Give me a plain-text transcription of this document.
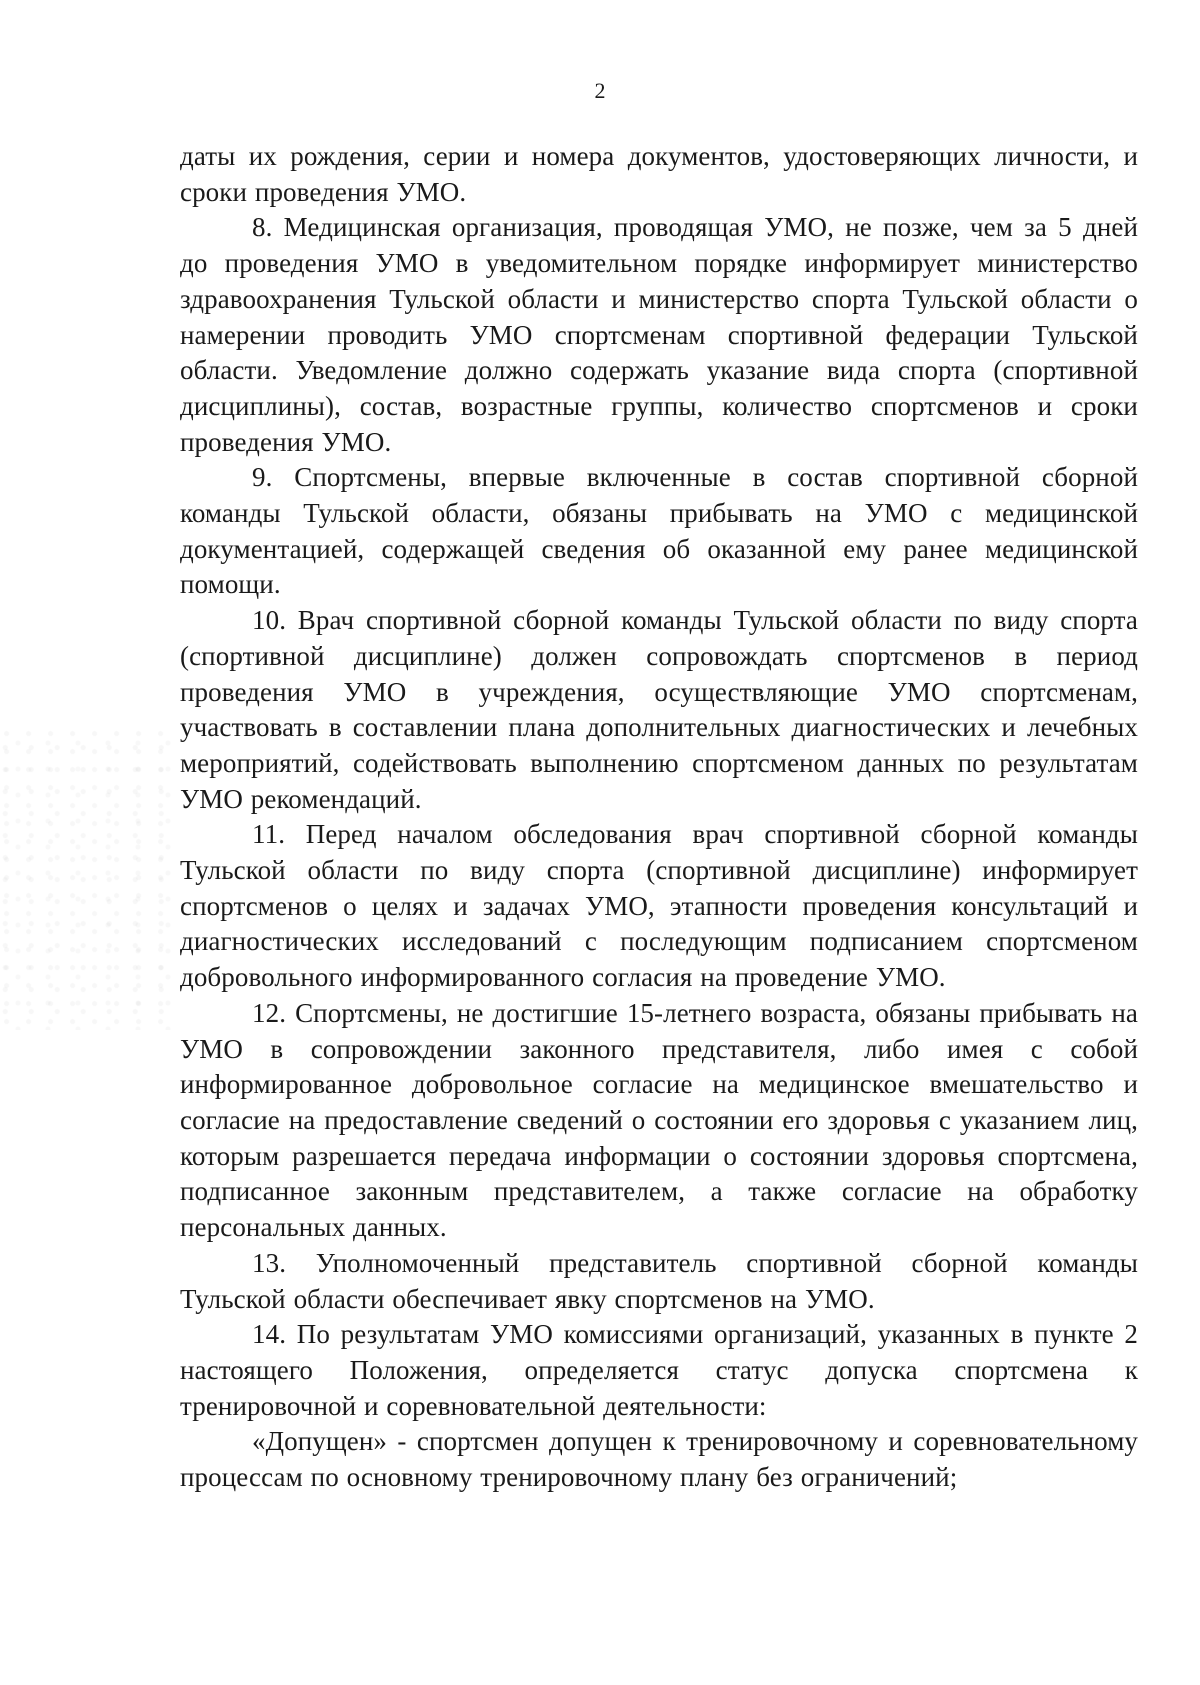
2

даты их рождения, серии и номера документов, удостоверяющих личности, и сроки проведения УМО.

8. Медицинская организация, проводящая УМО, не позже, чем за 5 дней до проведения УМО в уведомительном порядке информирует министерство здравоохранения Тульской области и министерство спорта Тульской области о намерении проводить УМО спортсменам спортивной федерации Тульской области. Уведомление должно содержать указание вида спорта (спортивной дисциплины), состав, возрастные группы, количество спортсменов и сроки проведения УМО.

9. Спортсмены, впервые включенные в состав спортивной сборной команды Тульской области, обязаны прибывать на УМО с медицинской документацией, содержащей сведения об оказанной ему ранее медицинской помощи.

10. Врач спортивной сборной команды Тульской области по виду спорта (спортивной дисциплине) должен сопровождать спортсменов в период проведения УМО в учреждения, осуществляющие УМО спортсменам, участвовать в составлении плана дополнительных диагностических и лечебных мероприятий, содействовать выполнению спортсменом данных по результатам УМО рекомендаций.

11. Перед началом обследования врач спортивной сборной команды Тульской области по виду спорта (спортивной дисциплине) информирует спортсменов о целях и задачах УМО, этапности проведения консультаций и диагностических исследований с последующим подписанием спортсменом добровольного информированного согласия на проведение УМО.

12. Спортсмены, не достигшие 15-летнего возраста, обязаны прибывать на УМО в сопровождении законного представителя, либо имея с собой информированное добровольное согласие на медицинское вмешательство и согласие на предоставление сведений о состоянии его здоровья с указанием лиц, которым разрешается передача информации о состоянии здоровья спортсмена, подписанное законным представителем, а также согласие на обработку персональных данных.

13. Уполномоченный представитель спортивной сборной команды Тульской области обеспечивает явку спортсменов на УМО.

14. По результатам УМО комиссиями организаций, указанных в пункте 2 настоящего Положения, определяется статус допуска спортсмена к тренировочной и соревновательной деятельности:

«Допущен» - спортсмен допущен к тренировочному и соревновательному процессам по основному тренировочному плану без ограничений;
